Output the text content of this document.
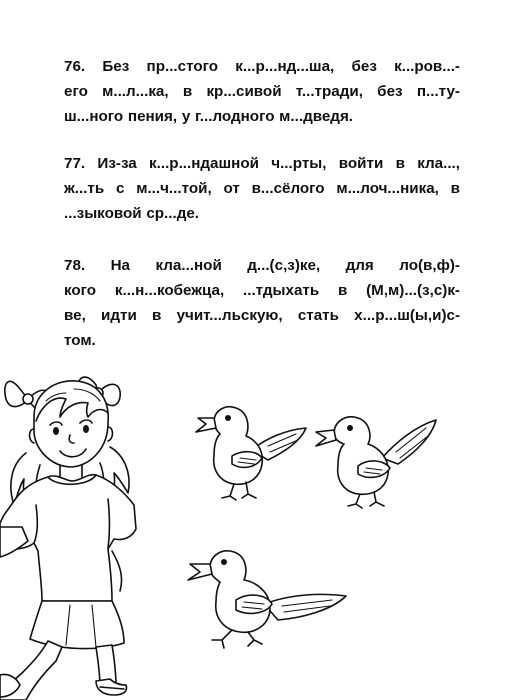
76. Без пр...стого к...р...нд...ша, без к...ров...-
его м...л...ка, в кр...сивой т...тради, без п...ту-
ш...ного пения, у г...лодного м...дведя.
77. Из-за к...р...ндашной ч...рты, войти в кла...,
ж...ть с м...ч...той, от в...сёлого м...лоч...ника, в
...зыковой ср...де.
78. На кла...ной д...(с,з)ке, для ло(в,ф)-
кого к...н...кобежца, ...тдыхать в (М,м)...(з,с)к-
ве, идти в учит...льскую, стать х...р...ш(ы,и)с-
том.
